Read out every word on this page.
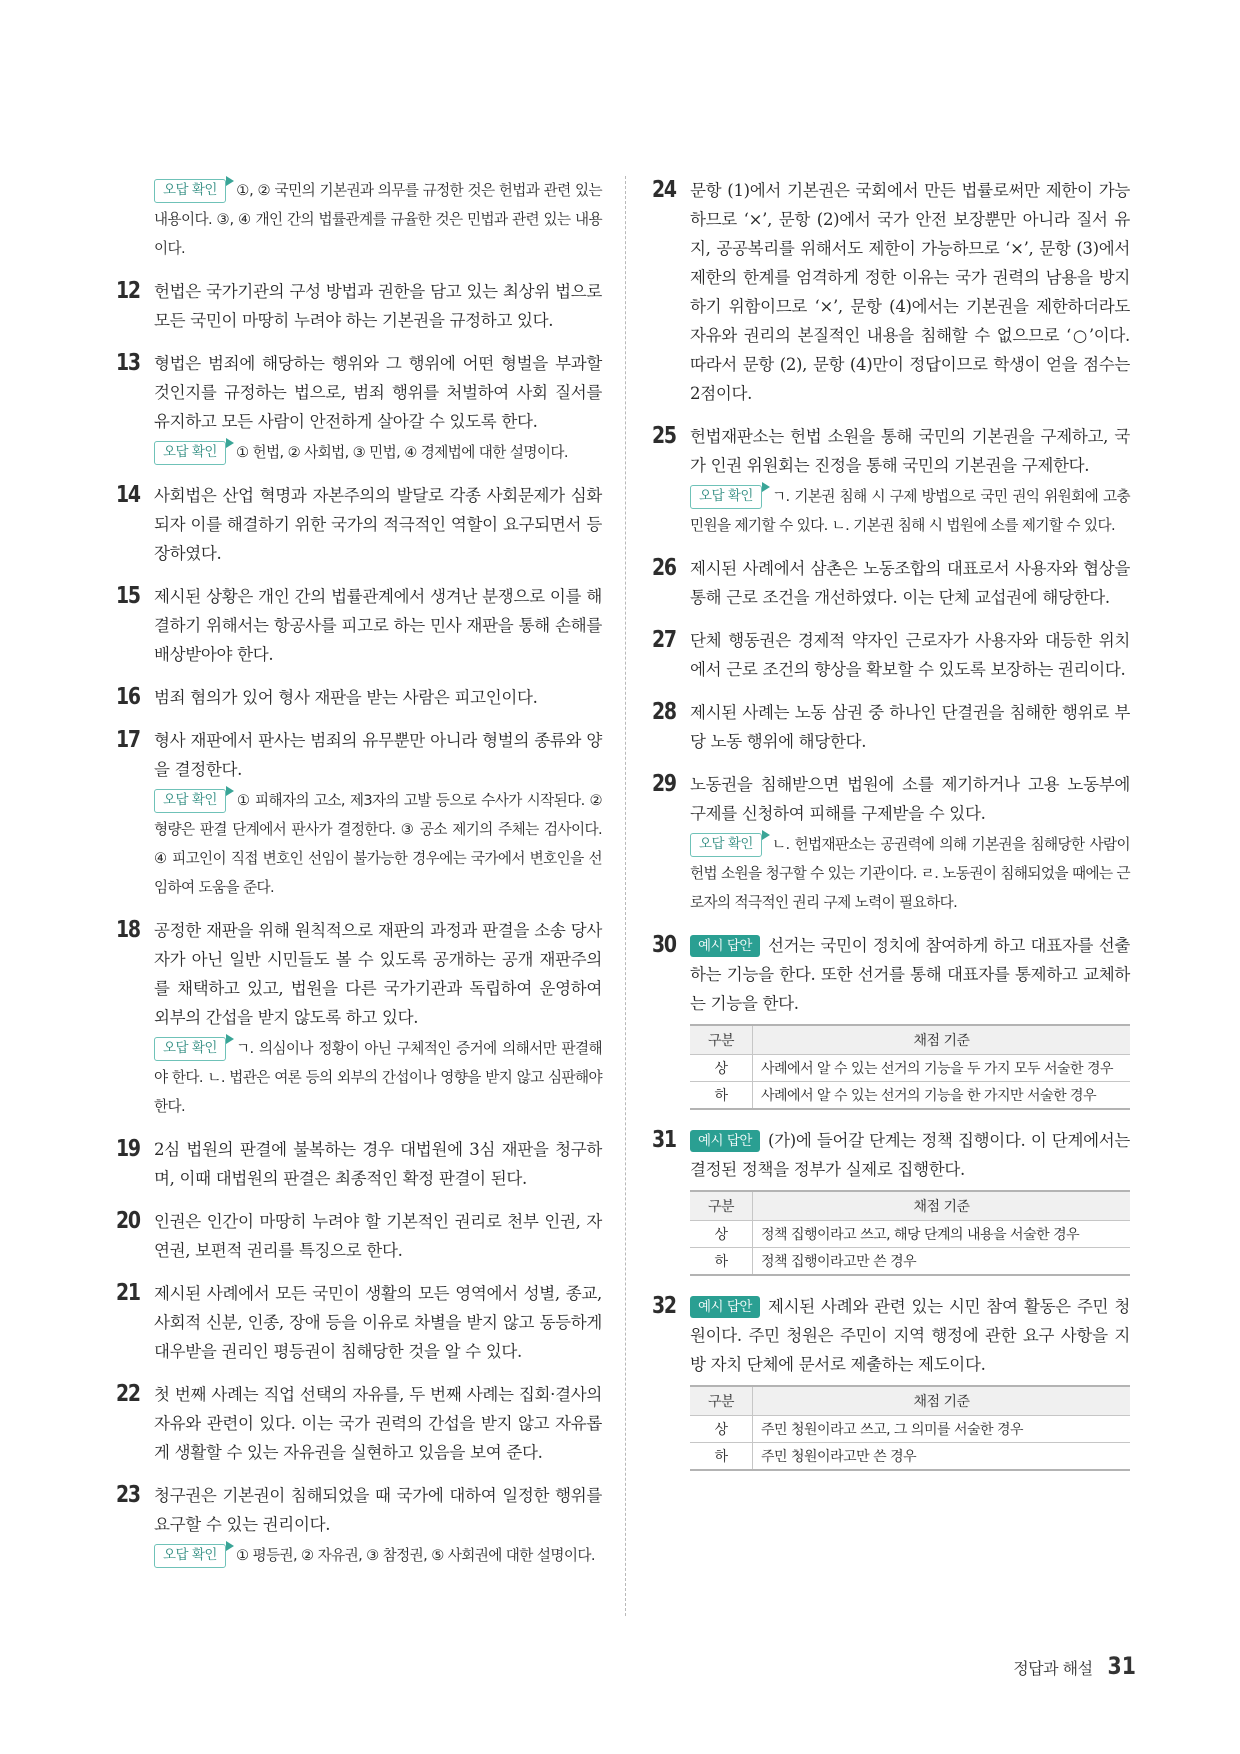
오답 확인 ①, ② 국민의 기본권과 의무를 규정한 것은 헌법과 관련 있는 내용이다. ③, ④ 개인 간의 법률관계를 규율한 것은 민법과 관련 있는 내용이다.
12 헌법은 국가기관의 구성 방법과 권한을 담고 있는 최상위 법으로 모든 국민이 마땅히 누려야 하는 기본권을 규정하고 있다.
13 형법은 범죄에 해당하는 행위와 그 행위에 어떤 형벌을 부과할 것인지를 규정하는 법으로, 범죄 행위를 처벌하여 사회 질서를 유지하고 모든 사람이 안전하게 살아갈 수 있도록 한다.
오답 확인 ① 헌법, ② 사회법, ③ 민법, ④ 경제법에 대한 설명이다.
14 사회법은 산업 혁명과 자본주의의 발달로 각종 사회문제가 심화되자 이를 해결하기 위한 국가의 적극적인 역할이 요구되면서 등장하였다.
15 제시된 상황은 개인 간의 법률관계에서 생겨난 분쟁으로 이를 해결하기 위해서는 항공사를 피고로 하는 민사 재판을 통해 손해를 배상받아야 한다.
16 범죄 혐의가 있어 형사 재판을 받는 사람은 피고인이다.
17 형사 재판에서 판사는 범죄의 유무뿐만 아니라 형벌의 종류와 양을 결정한다.
오답 확인 ① 피해자의 고소, 제3자의 고발 등으로 수사가 시작된다. ② 형량은 판결 단계에서 판사가 결정한다. ③ 공소 제기의 주체는 검사이다. ④ 피고인이 직접 변호인 선임이 불가능한 경우에는 국가에서 변호인을 선임하여 도움을 준다.
18 공정한 재판을 위해 원칙적으로 재판의 과정과 판결을 소송 당사자가 아닌 일반 시민들도 볼 수 있도록 공개하는 공개 재판주의를 채택하고 있고, 법원을 다른 국가기관과 독립하여 운영하여 외부의 간섭을 받지 않도록 하고 있다.
오답 확인 ㄱ. 의심이나 정황이 아닌 구체적인 증거에 의해서만 판결해야 한다. ㄴ. 법관은 여론 등의 외부의 간섭이나 영향을 받지 않고 심판해야 한다.
19 2심 법원의 판결에 불복하는 경우 대법원에 3심 재판을 청구하며, 이때 대법원의 판결은 최종적인 확정 판결이 된다.
20 인권은 인간이 마땅히 누려야 할 기본적인 권리로 천부 인권, 자연권, 보편적 권리를 특징으로 한다.
21 제시된 사례에서 모든 국민이 생활의 모든 영역에서 성별, 종교, 사회적 신분, 인종, 장애 등을 이유로 차별을 받지 않고 동등하게 대우받을 권리인 평등권이 침해당한 것을 알 수 있다.
22 첫 번째 사례는 직업 선택의 자유를, 두 번째 사례는 집회·결사의 자유와 관련이 있다. 이는 국가 권력의 간섭을 받지 않고 자유롭게 생활할 수 있는 자유권을 실현하고 있음을 보여 준다.
23 청구권은 기본권이 침해되었을 때 국가에 대하여 일정한 행위를 요구할 수 있는 권리이다.
오답 확인 ① 평등권, ② 자유권, ③ 참정권, ⑤ 사회권에 대한 설명이다.
24 문항 (1)에서 기본권은 국회에서 만든 법률로써만 제한이 가능하므로 ‘×’, 문항 (2)에서 국가 안전 보장뿐만 아니라 질서 유지, 공공복리를 위해서도 제한이 가능하므로 ‘×’, 문항 (3)에서 제한의 한계를 엄격하게 정한 이유는 국가 권력의 남용을 방지하기 위함이므로 ‘×’, 문항 (4)에서는 기본권을 제한하더라도 자유와 권리의 본질적인 내용을 침해할 수 없으므로 ‘○’이다. 따라서 문항 (2), 문항 (4)만이 정답이므로 학생이 얻을 점수는 2점이다.
25 헌법재판소는 헌법 소원을 통해 국민의 기본권을 구제하고, 국가 인권 위원회는 진정을 통해 국민의 기본권을 구제한다.
오답 확인 ㄱ. 기본권 침해 시 구제 방법으로 국민 권익 위원회에 고충 민원을 제기할 수 있다. ㄴ. 기본권 침해 시 법원에 소를 제기할 수 있다.
26 제시된 사례에서 삼촌은 노동조합의 대표로서 사용자와 협상을 통해 근로 조건을 개선하였다. 이는 단체 교섭권에 해당한다.
27 단체 행동권은 경제적 약자인 근로자가 사용자와 대등한 위치에서 근로 조건의 향상을 확보할 수 있도록 보장하는 권리이다.
28 제시된 사례는 노동 삼권 중 하나인 단결권을 침해한 행위로 부당 노동 행위에 해당한다.
29 노동권을 침해받으면 법원에 소를 제기하거나 고용 노동부에 구제를 신청하여 피해를 구제받을 수 있다.
오답 확인 ㄴ. 헌법재판소는 공권력에 의해 기본권을 침해당한 사람이 헌법 소원을 청구할 수 있는 기관이다. ㄹ. 노동권이 침해되었을 때에는 근로자의 적극적인 권리 구제 노력이 필요하다.
30	예시 답안 선거는 국민이 정치에 참여하게 하고 대표자를 선출하는 기능을 한다. 또한 선거를 통해 대표자를 통제하고 교체하는 기능을 한다.
구분	채점 기준
상	사례에서 알 수 있는 선거의 기능을 두 가지 모두 서술한 경우
하	사례에서 알 수 있는 선거의 기능을 한 가지만 서술한 경우
31	예시 답안 (가)에 들어갈 단계는 정책 집행이다. 이 단계에서는 결정된 정책을 정부가 실제로 집행한다.
구분	채점 기준
상	정책 집행이라고 쓰고, 해당 단계의 내용을 서술한 경우
하	정책 집행이라고만 쓴 경우
32	예시 답안 제시된 사례와 관련 있는 시민 참여 활동은 주민 청원이다. 주민 청원은 주민이 지역 행정에 관한 요구 사항을 지방 자치 단체에 문서로 제출하는 제도이다.
구분	채점 기준
상	주민 청원이라고 쓰고, 그 의미를 서술한 경우
하	주민 청원이라고만 쓴 경우
정답과 해설 31
